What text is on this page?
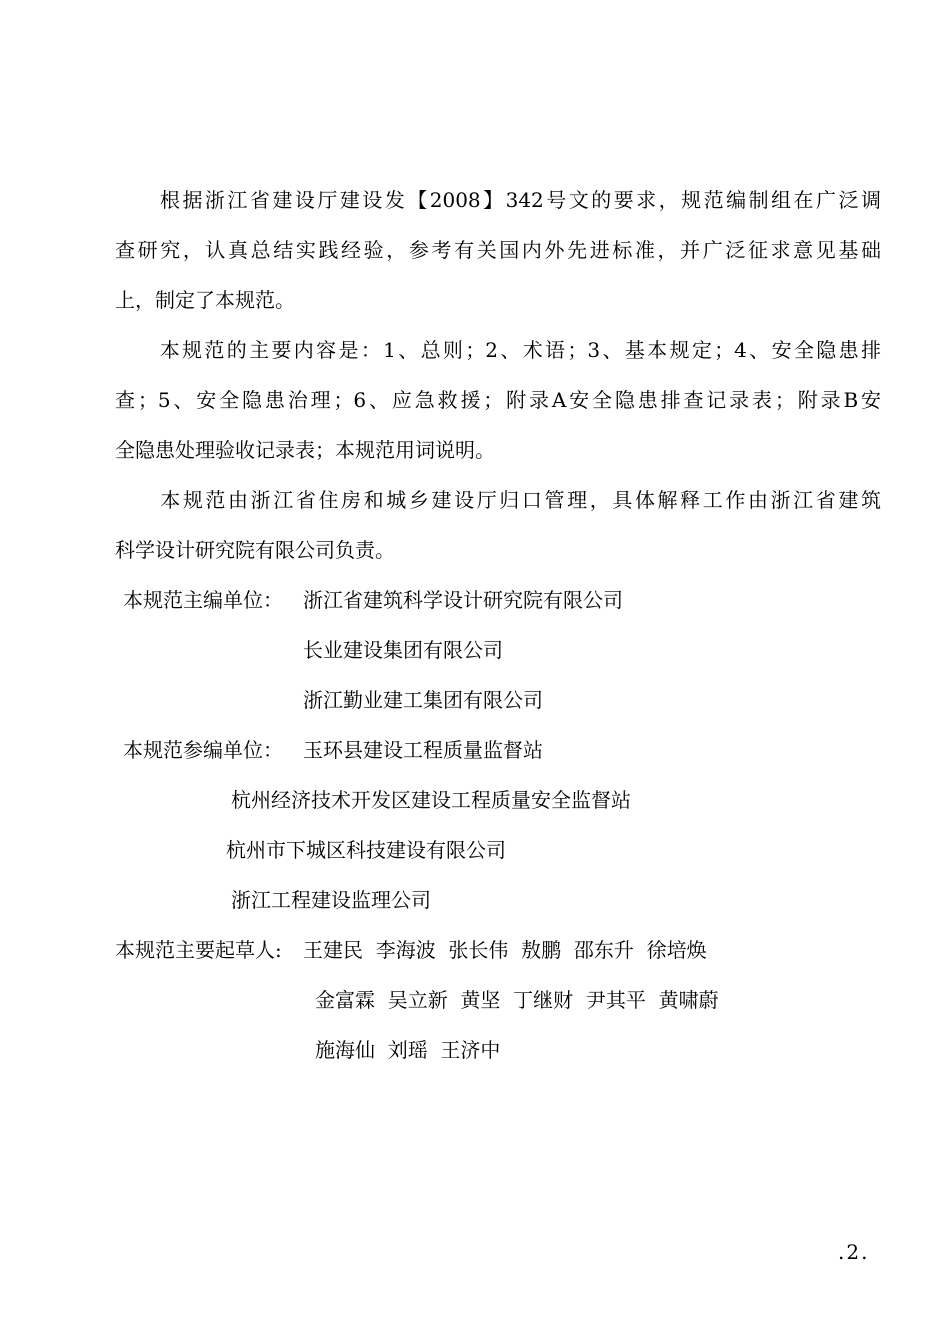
　　根据浙江省建设厅建设发【2008】342号文的要求，规范编制组在广泛调
查研究，认真总结实践经验，参考有关国内外先进标准，并广泛征求意见基础
上，制定了本规范。
　　本规范的主要内容是：1、总则；2、术语；3、基本规定；4、安全隐患排
查；5、安全隐患治理；6、应急救援；附录A安全隐患排查记录表；附录B安
全隐患处理验收记录表；本规范用词说明。
　　本规范由浙江省住房和城乡建设厅归口管理，具体解释工作由浙江省建筑
科学设计研究院有限公司负责。
本规范主编单位： 浙江省建筑科学设计研究院有限公司
长业建设集团有限公司
浙江勤业建工集团有限公司
本规范参编单位： 玉环县建设工程质量监督站
杭州经济技术开发区建设工程质量安全监督站
杭州市下城区科技建设有限公司
浙江工程建设监理公司
本规范主要起草人: 王建民  李海波  张长伟  敖鹏  邵东升  徐培焕
金富霖  吴立新  黄坚  丁继财  尹其平  黄啸蔚
施海仙  刘瑶  王济中
.2.
